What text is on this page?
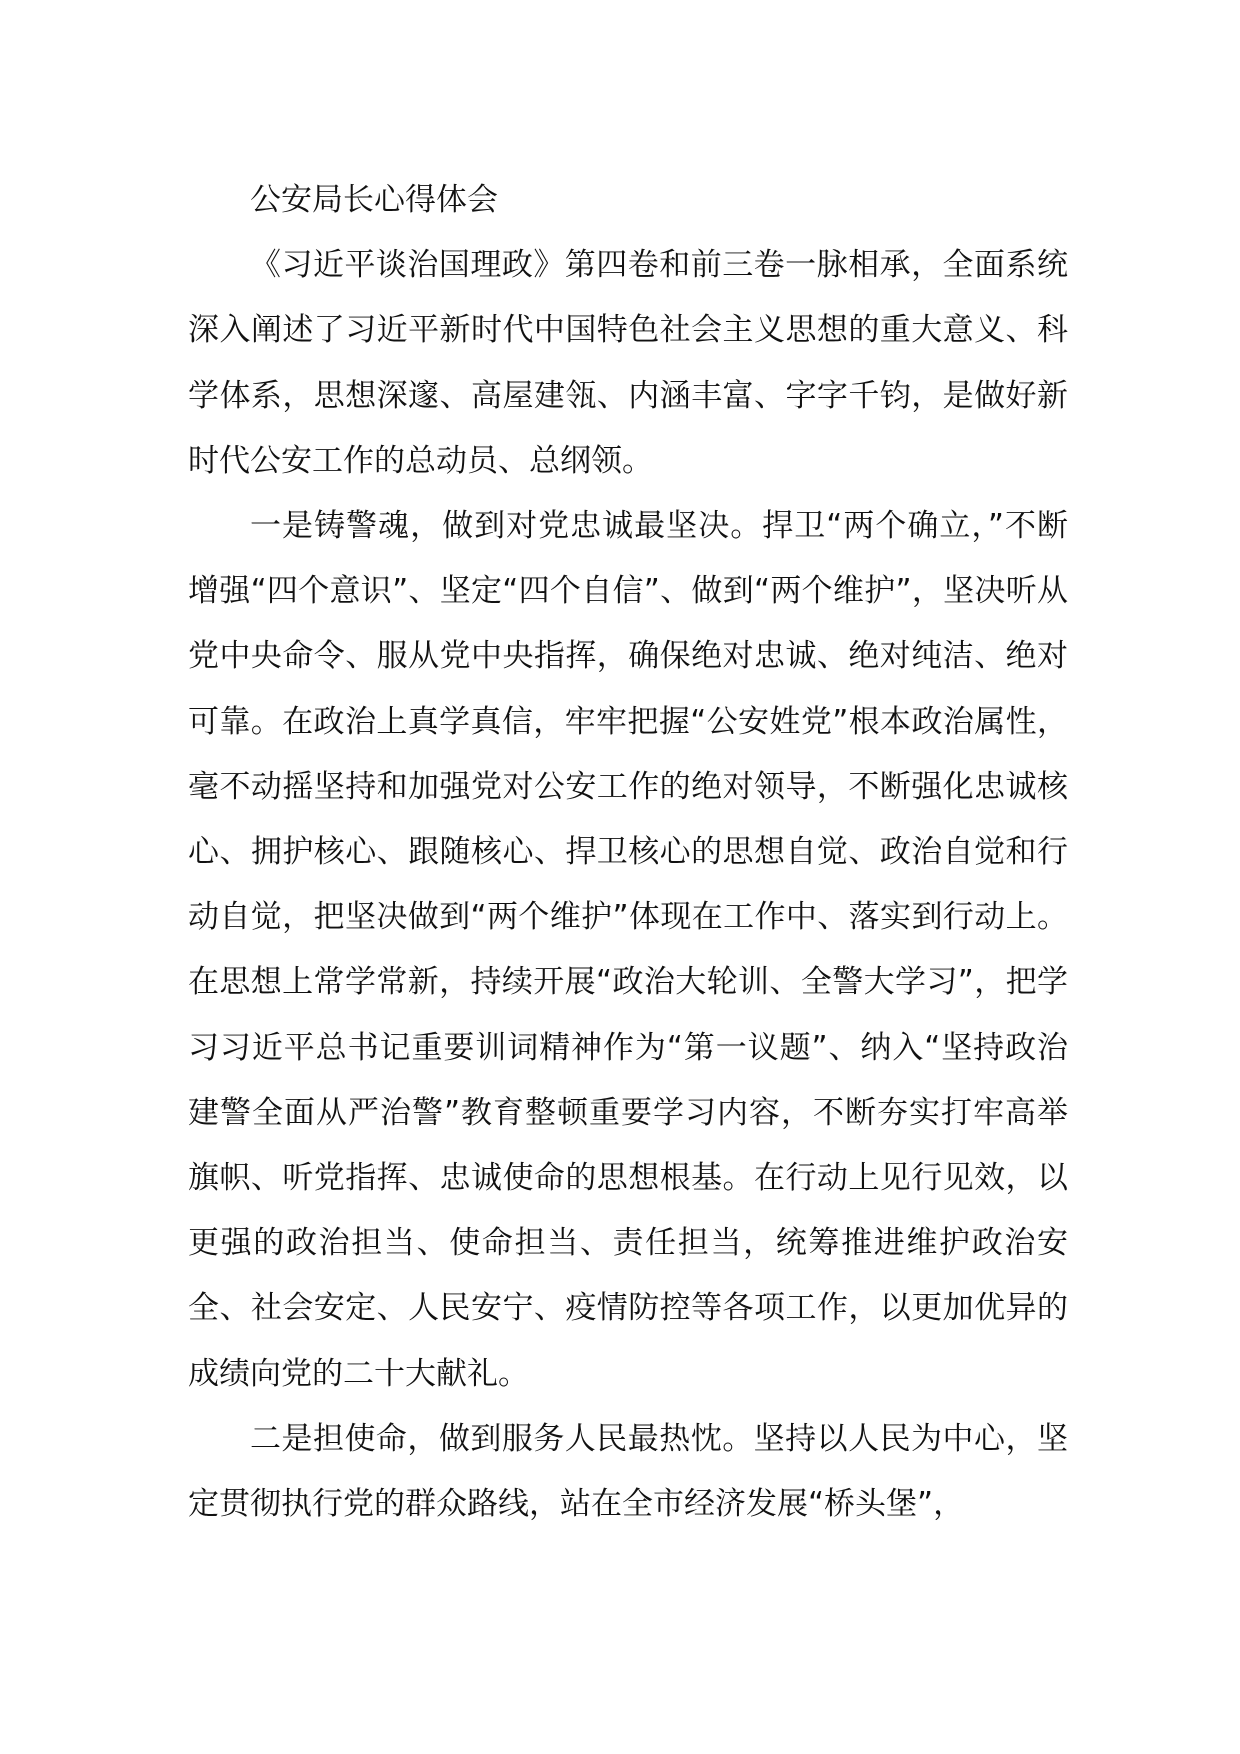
公安局长心得体会

《习近平谈治国理政》第四卷和前三卷一脉相承，全面系统深入阐述了习近平新时代中国特色社会主义思想的重大意义、科学体系，思想深邃、高屋建瓴、内涵丰富、字字千钧，是做好新时代公安工作的总动员、总纲领。

一是铸警魂，做到对党忠诚最坚决。捍卫“两个确立，”不断增强“四个意识”、坚定“四个自信”、做到“两个维护”，坚决听从党中央命令、服从党中央指挥，确保绝对忠诚、绝对纯洁、绝对可靠。在政治上真学真信，牢牢把握“公安姓党”根本政治属性，毫不动摇坚持和加强党对公安工作的绝对领导，不断强化忠诚核心、拥护核心、跟随核心、捍卫核心的思想自觉、政治自觉和行动自觉，把坚决做到“两个维护”体现在工作中、落实到行动上。在思想上常学常新，持续开展“政治大轮训、全警大学习”，把学习习近平总书记重要训词精神作为“第一议题”、纳入“坚持政治建警全面从严治警”教育整顿重要学习内容，不断夯实打牢高举旗帜、听党指挥、忠诚使命的思想根基。在行动上见行见效，以更强的政治担当、使命担当、责任担当，统筹推进维护政治安全、社会安定、人民安宁、疫情防控等各项工作，以更加优异的成绩向党的二十大献礼。

二是担使命，做到服务人民最热忱。坚持以人民为中心，坚定贯彻执行党的群众路线，站在全市经济发展“桥头堡”，
